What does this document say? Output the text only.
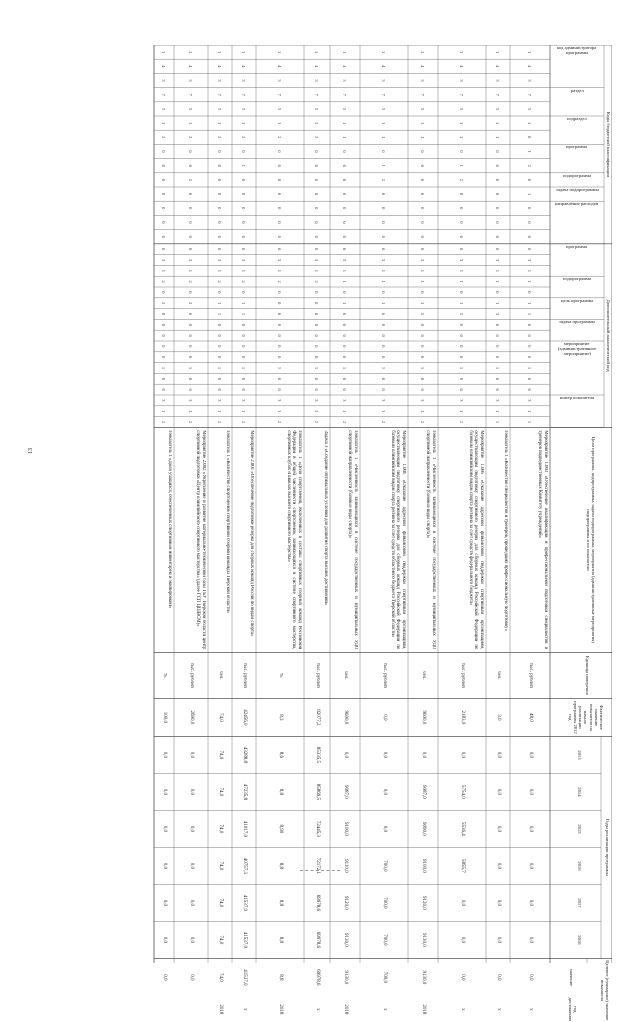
13
Коды бюджетной классификации
Дополнительный аналитический код
код администратора программы
раздел
подраздел
программа
подпрограмма
задача подпрограммы
направление расходов
программа
подпрограмма
цель программы
задача программы
мероприятие (административное мероприятие)
номер показателя
Цели программы, подпрограммы, задачи подпрограммы, мероприятия (административные мероприятия) подпрограммы и их показатели
Единица измерения
Фактическое значение показателя на начало реализации программы 2012 год
Годы реализации программы
2013
2014
2015
2016
2017
2018
Целевое (суммарное) значение показателя
значение
год достижения
1
4
3
7
3
1
0
1
2
0
1
0
0
0
0
3
1
1
0
1
1
0
0
0
0
1
0
0
3
1
1
Мероприятие 1.003 «Обеспечение квалификации и профессиональной подготовки специалистов и тренеров подведомственных Комитету учреждений»
тыс. рублей
48,0
0,0
0,0
0,0
0,0
0,0
0,0
0,0
х
1
4
3
7
3
1
1
0
0
0
0
0
0
0
0
3
1
1
0
1
3
0
0
0
0
1
0
0
3
1
1
Показатель 1 «Количество специалистов и тренеров, прошедших профессиональную подготовку»
чел.
3,0
0,0
0,0
0,0
0,0
0,0
0,0
0,0
х
1
4
3
7
3
1
1
0
1
2
0
0
0
0
0
3
1
1
0
1
5
0
0
0
0
1
0
0
3
1
2
Мероприятие 1.005 «Оказание адресной финансовой поддержки спортивным организациям, осуществляющим подготовку спортивного резерва для сборных команд Российской Федерации по базовым олимпийским видам спорта региона за счет средств федерального бюджета»
тыс. рублей
2183,0
0,0
5754,0
5536,4
5855,7
0,0
0,0
0,0
х
1
4
3
7
3
1
1
0
0
0
0
0
0
0
0
3
1
1
0
1
5
0
0
0
0
1
0
0
3
1
2
Показатель 1 «Численность занимающихся в системе государственных и муниципальных УДО спортивной направленности (базовые виды спорта)»
чел.
9600,0
0,0
9087,0
9090,0
9100,0
9120,0
9130,0
9130,0
2018
1
4
3
7
3
1
1
0
1
2
0
0
0
0
0
3
1
1
0
1
6
0
0
0
0
1
0
0
3
1
2
Мероприятие 1.006 «Оказание адресной финансовой поддержки спортивным организациям, осуществляющим подготовку спортивного резерва для сборных команд Российской Федерации по базовым олимпийским видам спорта региона за счет средств областного бюджета Тверской области»
тыс. рублей
0,0
0,0
0,0
0,0
700,0
700,0
700,0
700,0
х
1
4
3
7
3
1
1
0
0
0
0
0
0
0
0
3
1
1
0
1
6
0
0
0
0
1
0
0
3
1
2
Показатель 1 «Численность занимающихся в системе государственных и муниципальных УДО спортивной направленности (базовые виды спорта)»
чел.
9600,0
0,0
9087,0
9100,0
9110,0
9120,0
9130,0
9130,0
2018
1
4
3
7
3
1
2
0
0
0
0
0
0
0
0
3
1
2
0
0
0
0
0
0
0
1
0
0
3
1
2
Задача 3 «Создание оптимальных условий для развития спорта высших достижений»
тыс. рублей
82077,2
85335,5
85869,5
72445,3
72172,1
69978,6
69978,6
69978,6
х
1
4
3
7
3
1
2
0
0
0
0
0
0
0
0
3
1
2
0
0
0
0
0
0
0
1
0
0
3
1
2
Показатель 1 «Доля спортсменов, включенных в составы спортивных сборных команд Российской Федерации в общей численности спортсменов, занимающихся в системе спортивного мастерства, спортивных клубах и школах высшего спортивного мастерства»
%
8,3
8,6
8,8
8,90
8,8
8,8
8,8
8,8
2018
1
4
3
7
3
1
2
0
1
0
0
0
0
0
0
3
1
2
0
1
1
0
0
0
0
1
0
0
3
1
2
Мероприятие 2.001 «Обеспечение подготовки резерва для сборных команд России по видам спорта»
тыс. рублей
42456,0
43288,8
47235,8
41017,0
40757,3
41537,0
41537,0
41537,0
х
1
4
3
7
3
1
2
0
0
0
0
0
0
0
0
3
1
2
0
1
1
0
0
0
0
1
0
0
3
1
2
Показатель 1 «Количество спортсменов спортивной сборной команды Тверской области»
чел.
74,0
74,0
74,0
74,0
74,0
74,0
74,0
74,0
2018
1
4
3
7
3
1
2
0
0
2
0
0
0
0
0
3
1
2
0
2
0
0
0
0
0
1
0
0
3
1
2
Мероприятие 2.002 «Укрепление и развитие материально-технической базы ГБУ Тверской области центр спортивной подготовки «Центр олимпийского спортивного мастерства» (далее ГСП ЦШВСМ)»
тыс. рублей
2690,0
0,0
0,0
0,0
0,0
0,0
0,0
0,0
1
4
3
7
3
1
2
0
0
0
0
0
0
0
0
3
1
2
0
2
0
0
0
0
0
1
0
0
3
1
2
Показатель 1 «Доля учащихся, обеспеченных спортивным инвентарём и экипировкой»
%
100,0
0,0
0,0
0,0
0,0
0,0
0,0
0,0
